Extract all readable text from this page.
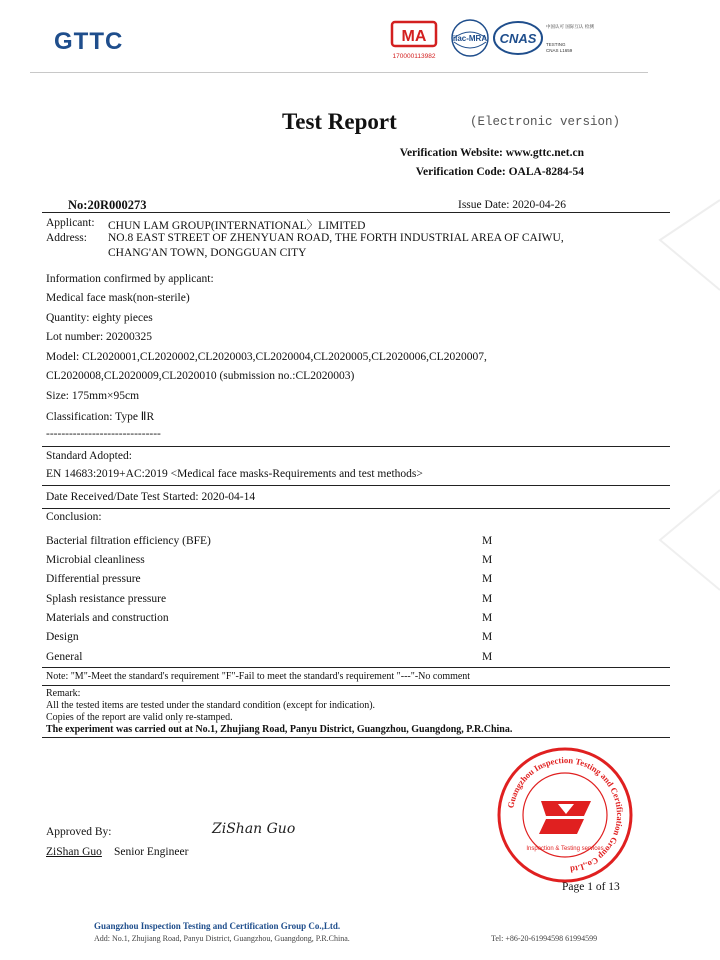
GTTC	MA
170000113982
ilac-MRA CNAS
中国认可 国际互认 检测
TESTING
CNAS L1659
Test Report	(Electronic version)
Verification Website: www.gttc.net.cn
Verification Code: OALA-8284-54
No:20R000273	Issue Date: 2020-04-26
Applicant: CHUN LAM GROUP(INTERNATIONAL〉LIMITED
Address: NO.8 EAST STREET OF ZHENYUAN ROAD, THE FORTH INDUSTRIAL AREA OF CAIWU,
CHANG'AN TOWN, DONGGUAN CITY
Information confirmed by applicant:
Medical face mask(non-sterile)
Quantity: eighty pieces
Lot number: 20200325
Model: CL2020001,CL2020002,CL2020003,CL2020004,CL2020005,CL2020006,CL2020007,
CL2020008,CL2020009,CL2020010 (submission no.:CL2020003)
Size: 175mm×95cm
Classification: Type ⅡR
------------------------------
Standard Adopted:
EN 14683:2019+AC:2019 <Medical face masks-Requirements and test methods>
Date Received/Date Test Started: 2020-04-14
Conclusion:
Bacterial filtration efficiency (BFE)	M
Microbial cleanliness	M
Differential pressure	M
Splash resistance pressure	M
Materials and construction	M
Design	M
General	M
Note: "M"-Meet the standard's requirement "F"-Fail to meet the standard's requirement "---"-No comment
Remark:
All the tested items are tested under the standard condition (except for indication).
Copies of the report are valid only re-stamped.
The experiment was carried out at No.1, Zhujiang Road, Panyu District, Guangzhou, Guangdong, P.R.China.
Guangzhou Inspection Testing and Certification Group Co.,Ltd
Inspection & Testing services
Approved By:	ZiShan Guo
ZiShan Guo Senior Engineer
Page 1 of 13
Guangzhou Inspection Testing and Certification Group Co.,Ltd.
Add: No.1, Zhujiang Road, Panyu District, Guangzhou, Guangdong, P.R.China.	Tel: +86-20-61994598 61994599
